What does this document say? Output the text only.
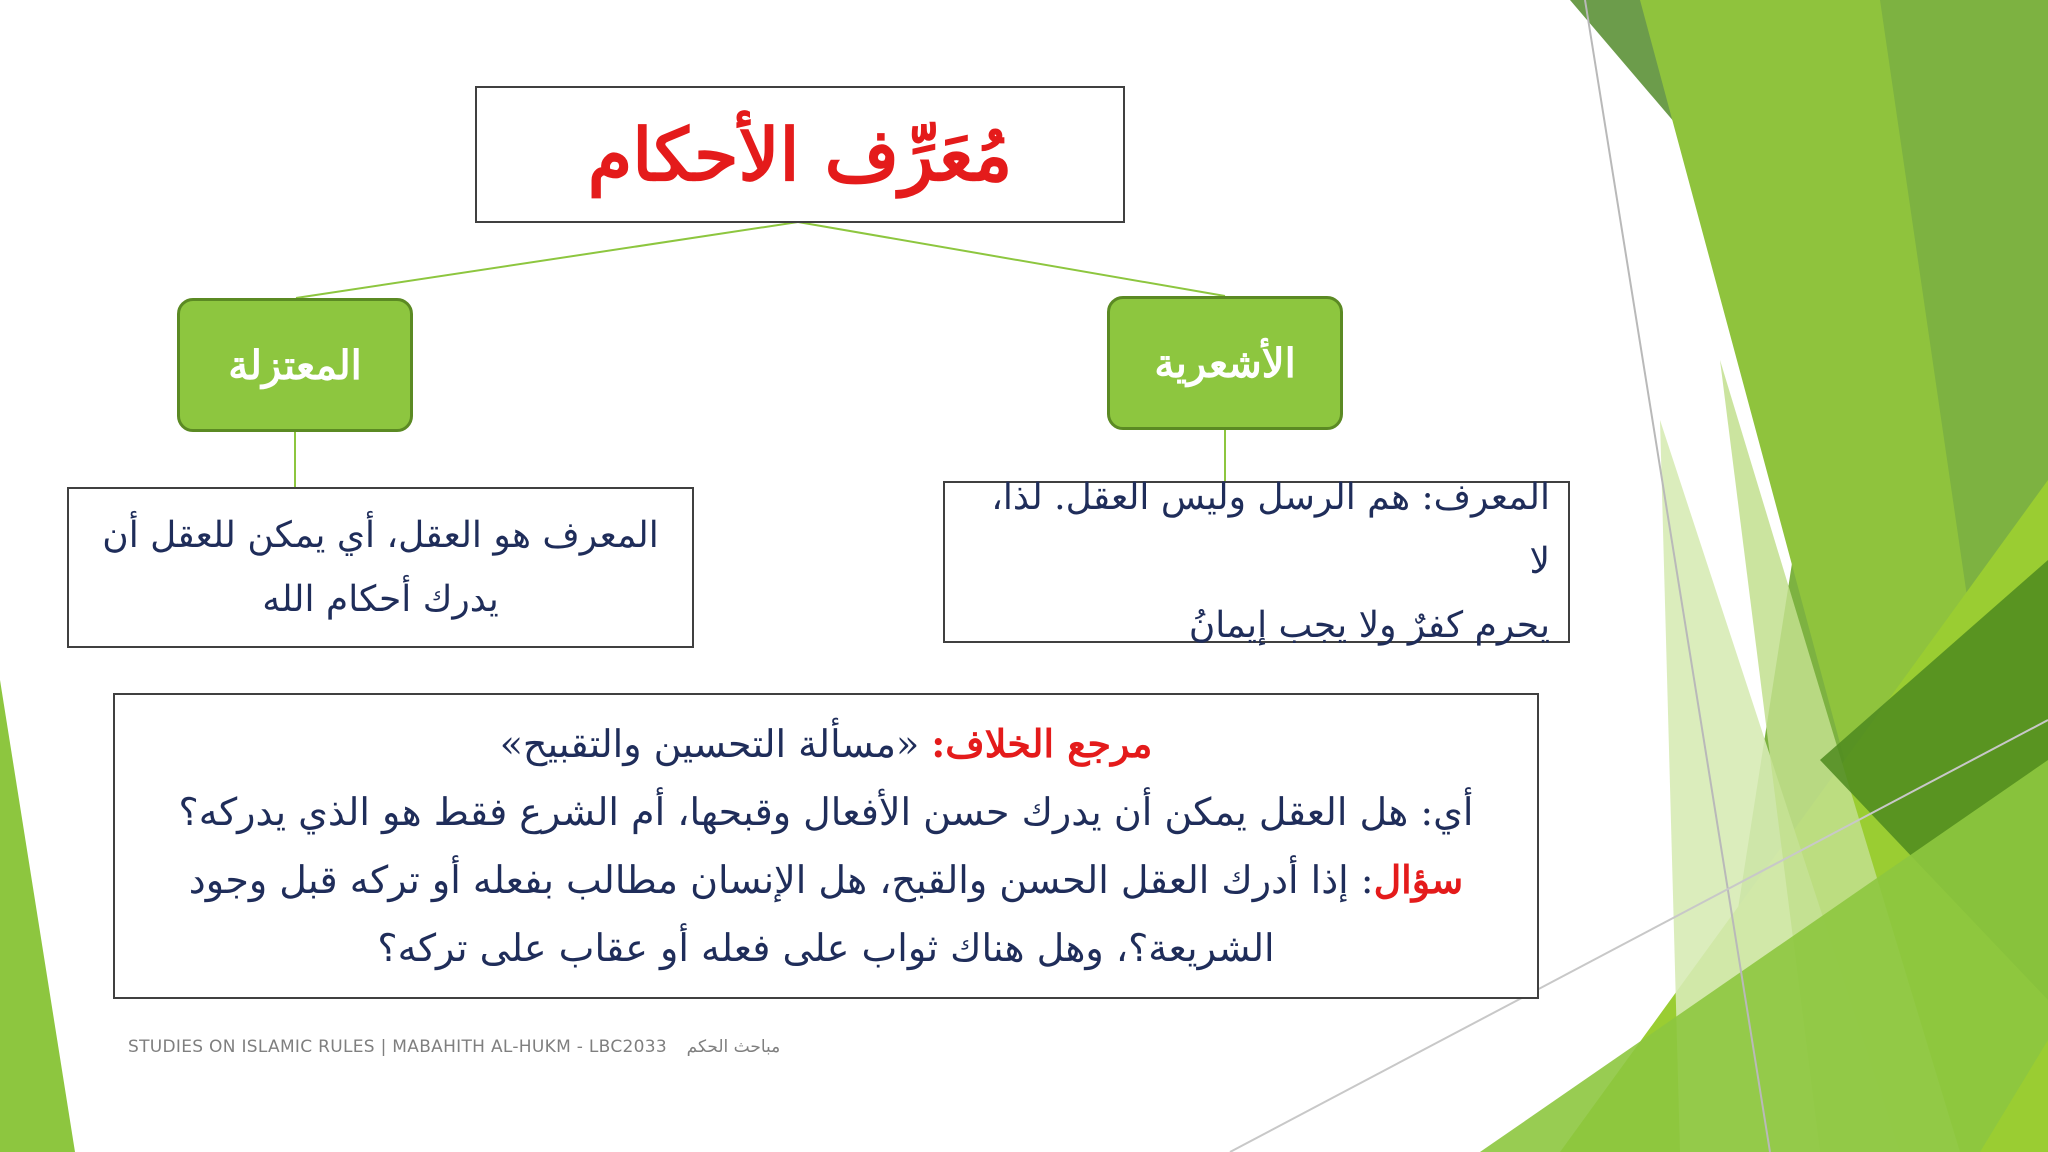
مُعَرِّف الأحكام
المعتزلة	الأشعرية
المعرف هو العقل، أي يمكن للعقل أن
يدرك أحكام الله
المعرف: هم الرسل وليس العقل. لذا، لا
يحرم كفرٌ ولا يجب إيمانُ
مرجع الخلاف: «مسألة التحسين والتقبيح»
أي: هل العقل يمكن أن يدرك حسن الأفعال وقبحها، أم الشرع فقط هو الذي يدركه؟
سؤال: إذا أدرك العقل الحسن والقبح، هل الإنسان مطالب بفعله أو تركه قبل وجود الشريعة؟، وهل هناك ثواب على فعله أو عقاب على تركه؟
STUDIES ON ISLAMIC RULES | MABAHITH AL-HUKM - LBC2033 مباحث الحكم
